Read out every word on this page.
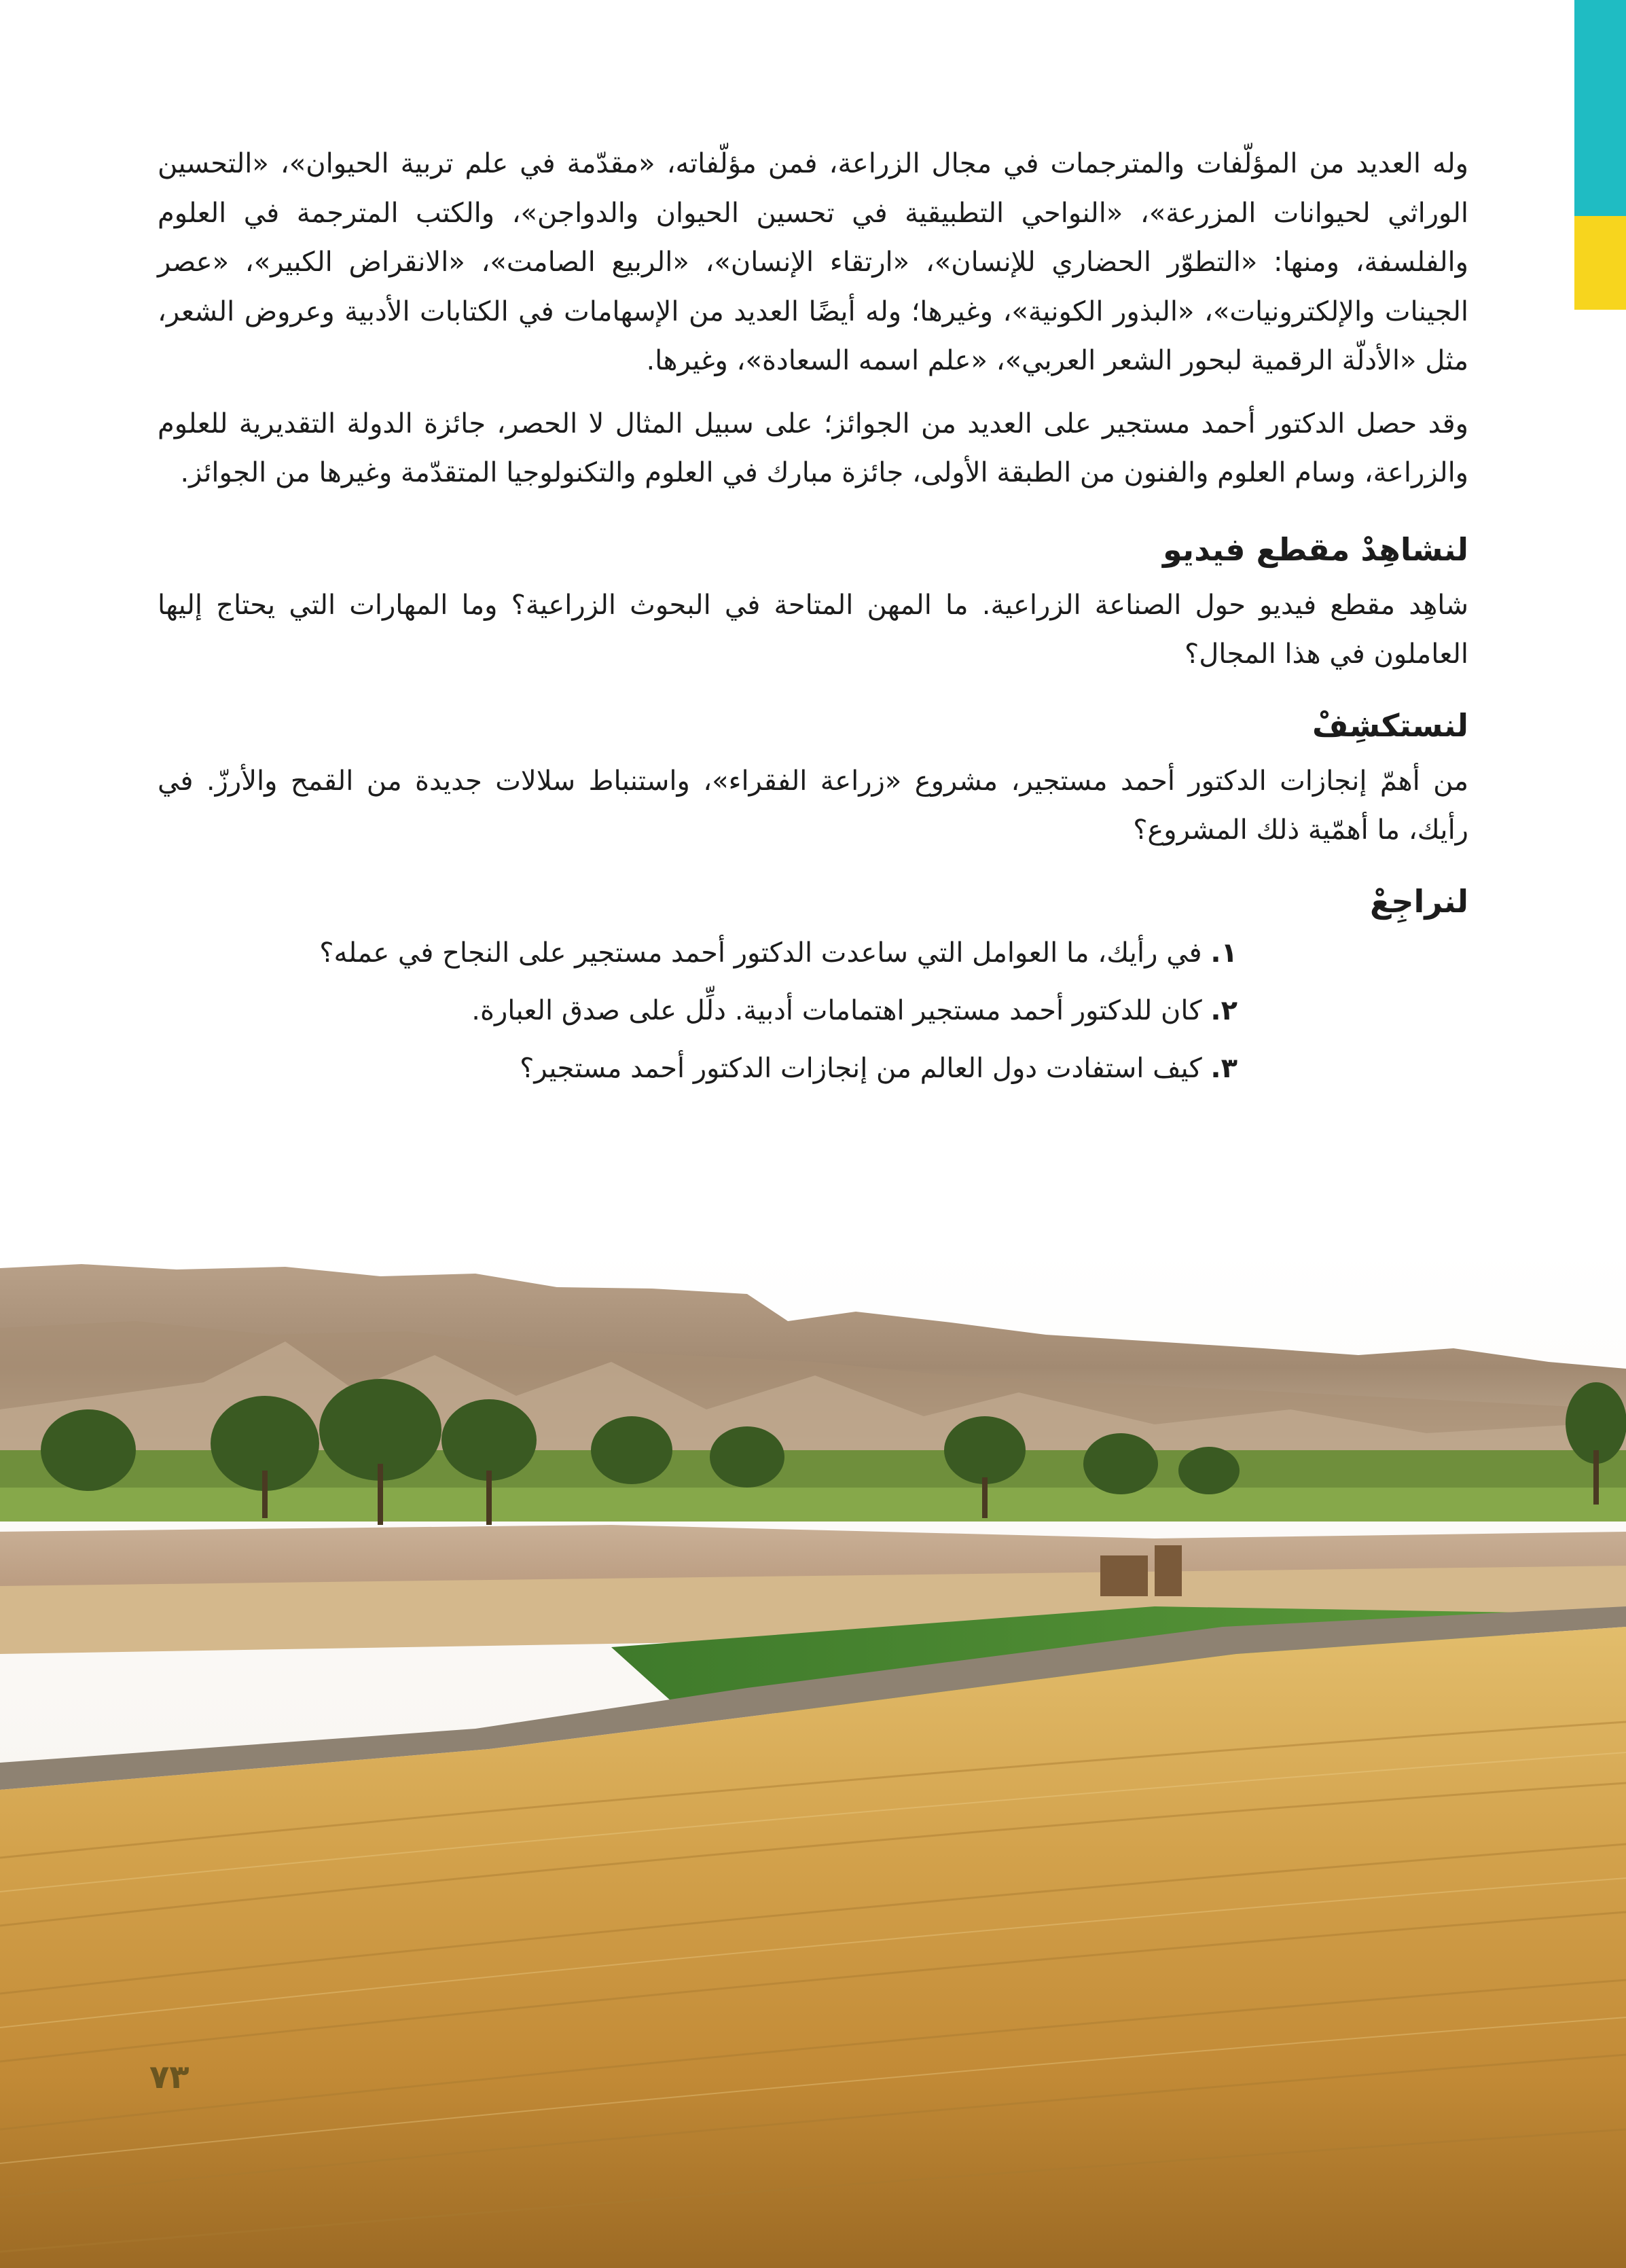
وله العديد من المؤلّفات والمترجمات في مجال الزراعة، فمن مؤلّفاته، «مقدّمة في علم تربية الحيوان»، «التحسين الوراثي لحيوانات المزرعة»، «النواحي التطبيقية في تحسين الحيوان والدواجن»، والكتب المترجمة في العلوم والفلسفة، ومنها: «التطوّر الحضاري للإنسان»، «ارتقاء الإنسان»، «الربيع الصامت»، «الانقراض الكبير»، «عصر الجينات والإلكترونيات»، «البذور الكونية»، وغيرها؛ وله أيضًا العديد من الإسهامات في الكتابات الأدبية وعروض الشعر، مثل «الأدلّة الرقمية لبحور الشعر العربي»، «علم اسمه السعادة»، وغيرها.

وقد حصل الدكتور أحمد مستجير على العديد من الجوائز؛ على سبيل المثال لا الحصر، جائزة الدولة التقديرية للعلوم والزراعة، وسام العلوم والفنون من الطبقة الأولى، جائزة مبارك في العلوم والتكنولوجيا المتقدّمة وغيرها من الجوائز.

لنشاهِدْ مقطع فيديو

شاهِد مقطع فيديو حول الصناعة الزراعية. ما المهن المتاحة في البحوث الزراعية؟ وما المهارات التي يحتاج إليها العاملون في هذا المجال؟

لنستكشِفْ

من أهمّ إنجازات الدكتور أحمد مستجير، مشروع «زراعة الفقراء»، واستنباط سلالات جديدة من القمح والأرزّ. في رأيك، ما أهمّية ذلك المشروع؟

لنراجِعْ
١. في رأيك، ما العوامل التي ساعدت الدكتور أحمد مستجير على النجاح في عمله؟
٢. كان للدكتور أحمد مستجير اهتمامات أدبية. دلِّل على صدق العبارة.
٣. كيف استفادت دول العالم من إنجازات الدكتور أحمد مستجير؟
٧٣
